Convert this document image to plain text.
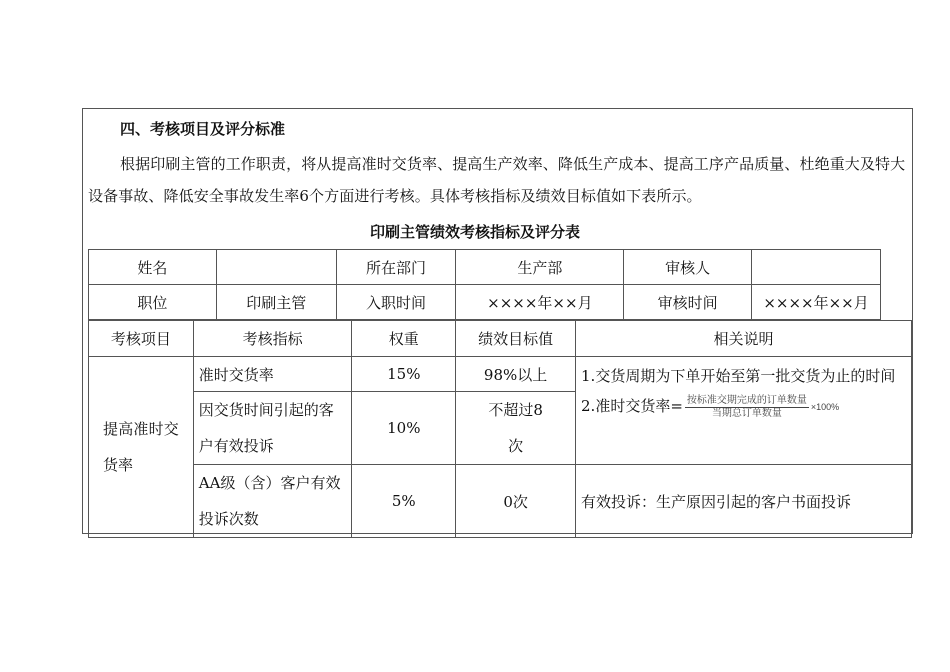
四、考核项目及评分标准
根据印刷主管的工作职责，将从提高准时交货率、提高生产效率、降低生产成本、提高工序产品质量、杜绝重大及特大设备事故、降低安全事故发生率6个方面进行考核。具体考核指标及绩效目标值如下表所示。
印刷主管绩效考核指标及评分表
姓名		所在部门	生产部	审核人	
职位	印刷主管	入职时间	××××年××月	审核时间	××××年××月
考核项目	考核指标	权重	绩效目标值	相关说明
提高准时交货率	准时交货率	15%	98%以上	1.交货周期为下单开始至第一批交货为止的时间
2.准时交货率= $\frac{\text{按标准交期完成的订单数量}}{\text{当期总订单数量}} \times 100\%$

	因交货时间引起的客户有效投诉	10%	不超过8次	
	AA级（含）客户有效投诉次数	5%	0次	有效投诉：生产原因引起的客户书面投诉
